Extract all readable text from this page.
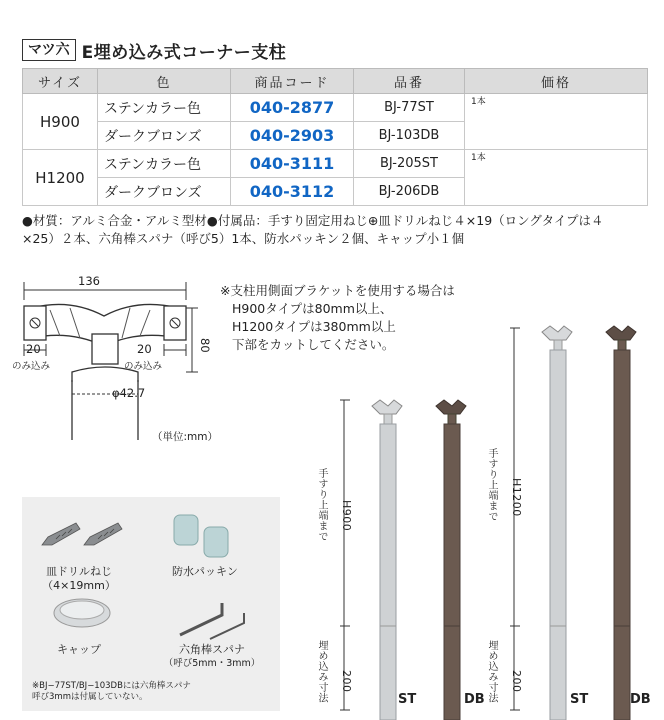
マツ六 E埋め込み式コーナー支柱
サイズ	色	商品コード	品番	価格
H900	ステンカラー色	040-2877	BJ-77ST	1本
	ダークブロンズ	040-2903	BJ-103DB	
H1200	ステンカラー色	040-3111	BJ-205ST	1本
	ダークブロンズ	040-3112	BJ-206DB	
●材質：アルミ合金・アルミ型材●付属品：手すり固定用ねじ⊕皿ドリルねじ４×19（ロングタイプは４
×25）２本、六角棒スパナ（呼び5）1本、防水パッキン２個、キャップ小１個
136
80
20	20
のみ込み	のみ込み
φ42.7
（単位:mm）
※支柱用側面ブラケットを使用する場合は
H900タイプは80mm以上、
H1200タイプは380mm以上
下部をカットしてください。
皿ドリルねじ
（4×19mm）
防水パッキン
キャップ	六角棒スパナ
（呼び5mm・3mm）
※BJ−77ST/BJ−103DBには六角棒スパナ
呼び3mmは付属していない。
手すり上端まで H900
埋め込み寸法 200
ST	DB
手すり上端まで H1200
埋め込み寸法 200
ST	DB
